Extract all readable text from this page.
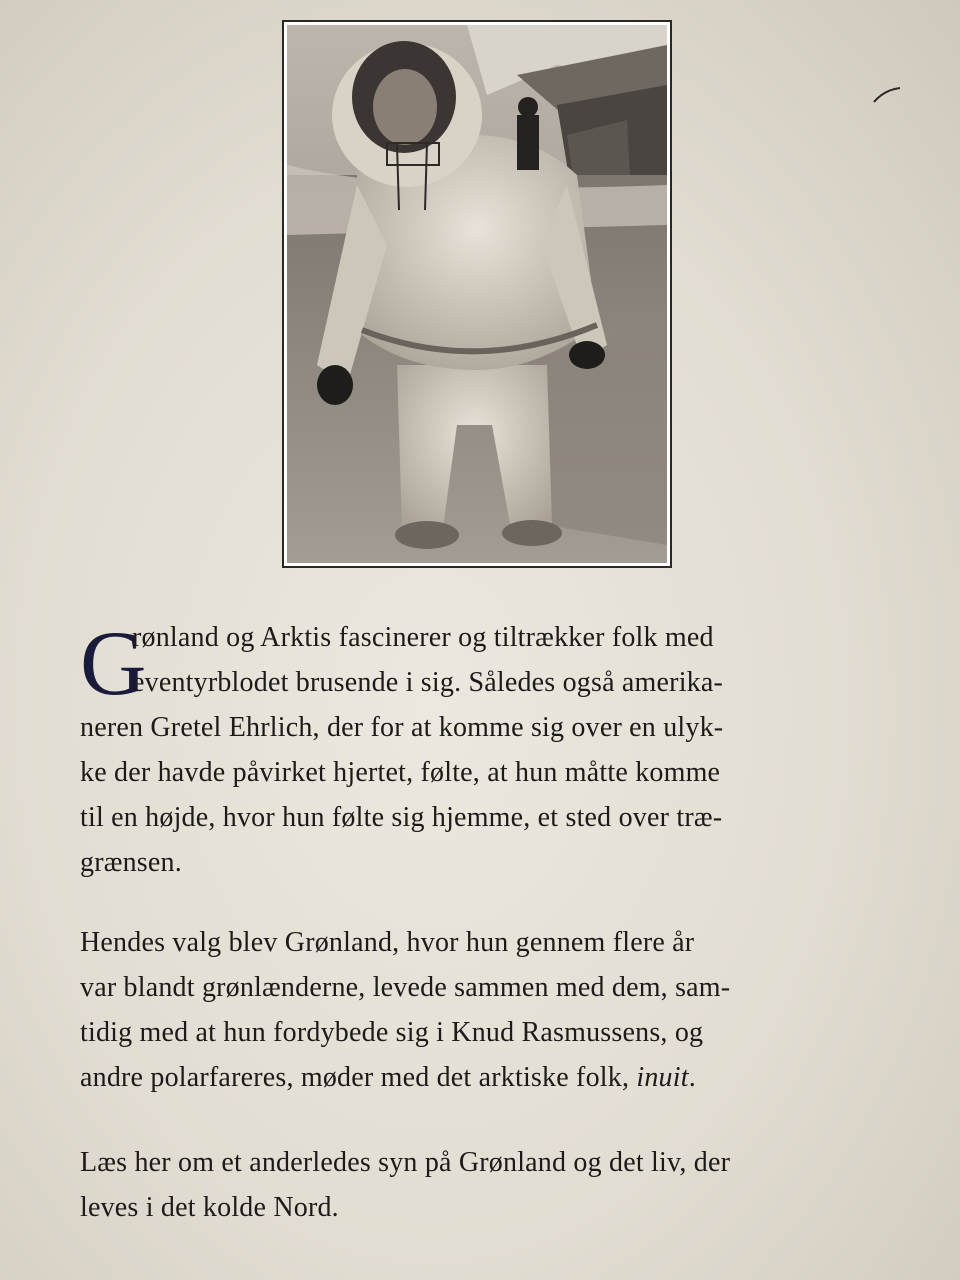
G
rønland og Arktis fascinerer og tiltrækker folk med
eventyrblodet brusende i sig. Således også amerika-
neren Gretel Ehrlich, der for at komme sig over en ulyk-
ke der havde påvirket hjertet, følte, at hun måtte komme
til en højde, hvor hun følte sig hjemme, et sted over træ-
grænsen.
Hendes valg blev Grønland, hvor hun gennem flere år
var blandt grønlænderne, levede sammen med dem, sam-
tidig med at hun fordybede sig i Knud Rasmussens, og
andre polarfareres, møder med det arktiske folk, inuit.
Læs her om et anderledes syn på Grønland og det liv, der
leves i det kolde Nord.
